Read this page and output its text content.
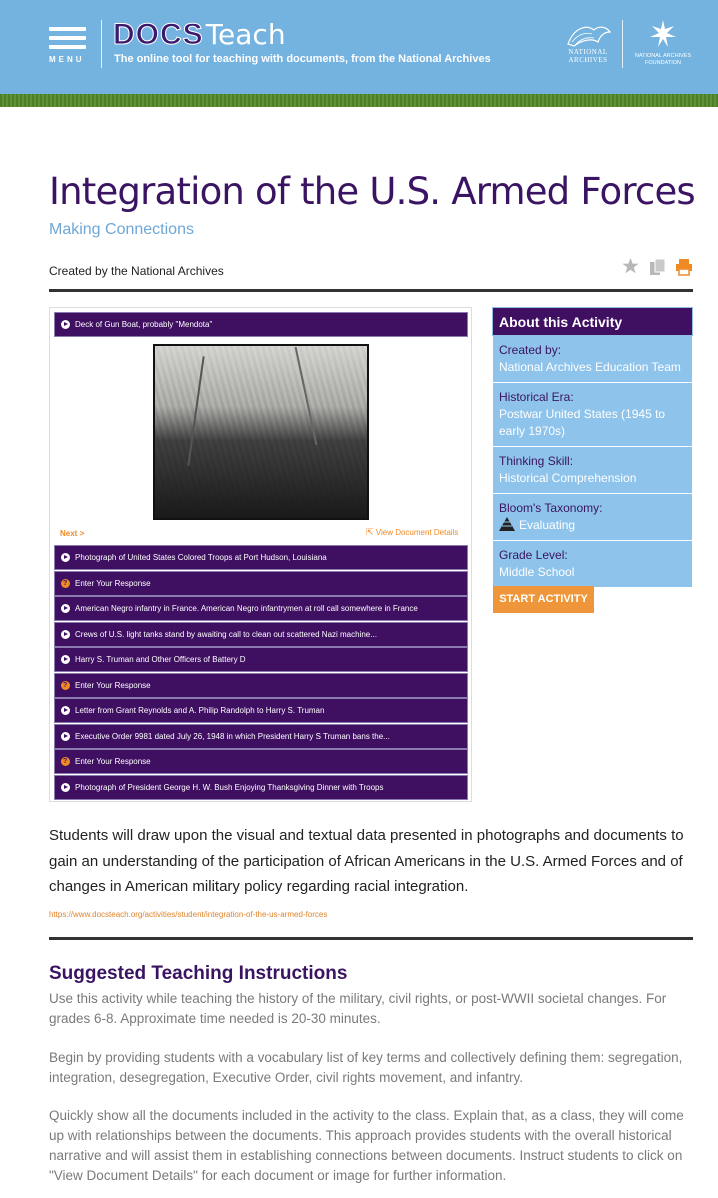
MENU
DOCSTeach
The online tool for teaching with documents, from the National Archives
NATIONAL
ARCHIVES	NATIONAL ARCHIVES
FOUNDATION
Integration of the U.S. Armed Forces
Making Connections
Created by the National Archives
Deck of Gun Boat, probably "Mendota"
Next >	⇱ View Document Details
Photograph of United States Colored Troops at Port Hudson, Louisiana
?
Enter Your Response
American Negro infantry in France. American Negro infantrymen at roll call somewhere in France
Crews of U.S. light tanks stand by awaiting call to clean out scattered Nazi machine...
Harry S. Truman and Other Officers of Battery D
?
Enter Your Response
Letter from Grant Reynolds and A. Philip Randolph to Harry S. Truman
Executive Order 9981 dated July 26, 1948 in which President Harry S Truman bans the...
?
Enter Your Response
Photograph of President George H. W. Bush Enjoying Thanksgiving Dinner with Troops
About this Activity
Created by:
National Archives Education Team
Historical Era:
Postwar United States (1945 to early 1970s)
Thinking Skill:
Historical Comprehension
Bloom's Taxonomy:
Evaluating
Grade Level:
Middle School
START ACTIVITY

Students will draw upon the visual and textual data presented in photographs and documents to gain an understanding of the participation of African Americans in the U.S. Armed Forces and of changes in American military policy regarding racial integration.

https://www.docsteach.org/activities/student/integration-of-the-us-armed-forces
Suggested Teaching Instructions

Use this activity while teaching the history of the military, civil rights, or post-WWII societal changes. For grades 6-8. Approximate time needed is 20-30 minutes.

Begin by providing students with a vocabulary list of key terms and collectively defining them: segregation, integration, desegregation, Executive Order, civil rights movement, and infantry.

Quickly show all the documents included in the activity to the class. Explain that, as a class, they will come up with relationships between the documents. This approach provides students with the overall historical narrative and will assist them in establishing connections between documents. Instruct students to click on "View Document Details" for each document or image for further information.
